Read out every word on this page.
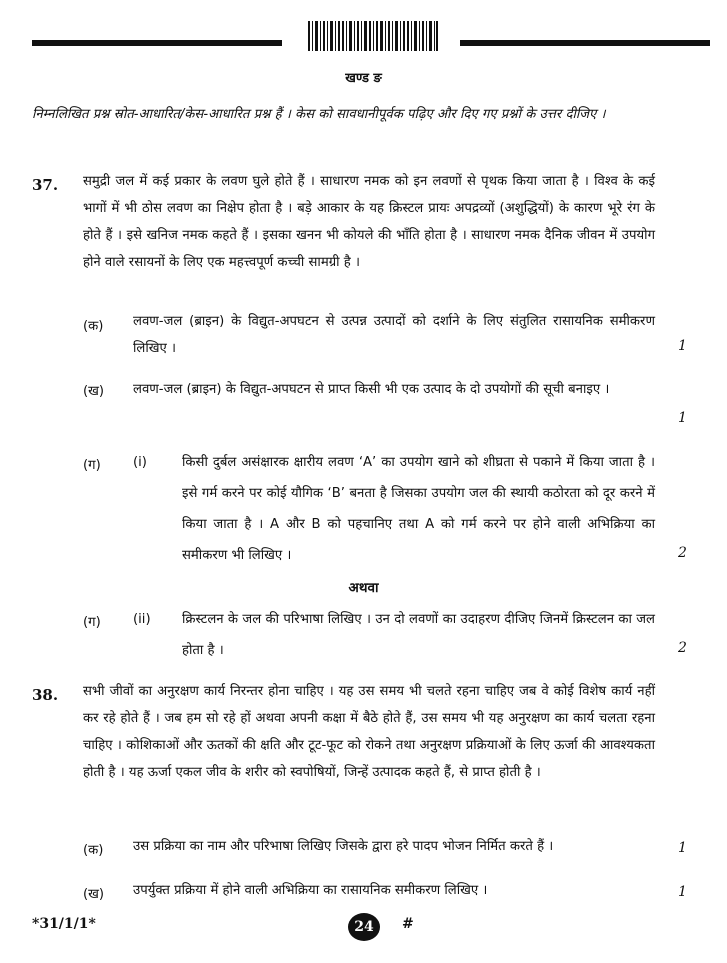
खण्ड ङ
निम्नलिखित प्रश्न स्रोत-आधारित/केस-आधारित प्रश्न हैं । केस को सावधानीपूर्वक पढ़िए और दिए गए प्रश्नों के उत्तर दीजिए ।
37. समुद्री जल में कई प्रकार के लवण घुले होते हैं । साधारण नमक को इन लवणों से पृथक किया जाता है । विश्व के कई भागों में भी ठोस लवण का निक्षेप होता है । बड़े आकार के यह क्रिस्टल प्रायः अपद्रव्यों (अशुद्धियों) के कारण भूरे रंग के होते हैं । इसे खनिज नमक कहते हैं । इसका खनन भी कोयले की भाँति होता है । साधारण नमक दैनिक जीवन में उपयोग होने वाले रसायनों के लिए एक महत्त्वपूर्ण कच्ची सामग्री है ।
(क) लवण-जल (ब्राइन) के विद्युत-अपघटन से उत्पन्न उत्पादों को दर्शाने के लिए संतुलित रासायनिक समीकरण लिखिए ।	1
(ख) लवण-जल (ब्राइन) के विद्युत-अपघटन से प्राप्त किसी भी एक उत्पाद के दो उपयोगों की सूची बनाइए ।
1
(ग) (i)	किसी दुर्बल असंक्षारक क्षारीय लवण ‘A’ का उपयोग खाने को शीघ्रता से पकाने में किया जाता है । इसे गर्म करने पर कोई यौगिक ‘B’ बनता है जिसका उपयोग जल की स्थायी कठोरता को दूर करने में किया जाता है । A और B को पहचानिए तथा A को गर्म करने पर होने वाली अभिक्रिया का समीकरण भी लिखिए ।	2
अथवा
(ग) (ii) क्रिस्टलन के जल की परिभाषा लिखिए । उन दो लवणों का उदाहरण दीजिए जिनमें क्रिस्टलन का जल होता है ।	2
38. सभी जीवों का अनुरक्षण कार्य निरन्तर होना चाहिए । यह उस समय भी चलते रहना चाहिए जब वे कोई विशेष कार्य नहीं कर रहे होते हैं । जब हम सो रहे हों अथवा अपनी कक्षा में बैठे होते हैं, उस समय भी यह अनुरक्षण का कार्य चलता रहना चाहिए । कोशिकाओं और ऊतकों की क्षति और टूट-फूट को रोकने तथा अनुरक्षण प्रक्रियाओं के लिए ऊर्जा की आवश्यकता होती है । यह ऊर्जा एकल जीव के शरीर को स्वपोषियों, जिन्हें उत्पादक कहते हैं, से प्राप्त होती है ।
(क) उस प्रक्रिया का नाम और परिभाषा लिखिए जिसके द्वारा हरे पादप भोजन निर्मित करते हैं ।	1
(ख) उपर्युक्त प्रक्रिया में होने वाली अभिक्रिया का रासायनिक समीकरण लिखिए ।	1
*31/1/1*	24	#
